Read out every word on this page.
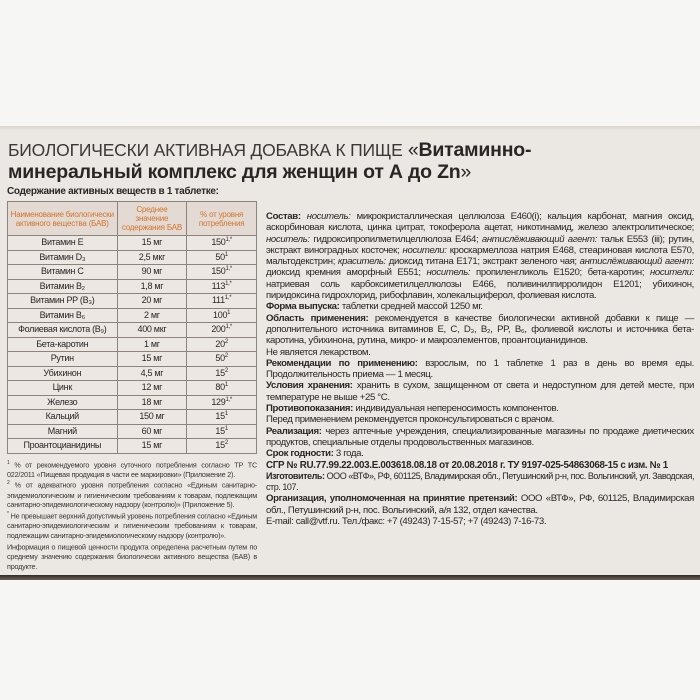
БИОЛОГИЧЕСКИ АКТИВНАЯ ДОБАВКА К ПИЩЕ «Витаминно-
минеральный комплекс для женщин от А до Zn»
Содержание активных веществ в 1 таблетке:
Наименование биологически активного вещества (БАВ)	Среднее значение содержания БАВ	% от уровня потребления
Витамин E	15 мг	$150^{1,*}$
Витамин D₃	2,5 мкг	$50^1$
Витамин C	90 мг	$150^{1,*}$
Витамин B₂	1,8 мг	$113^{1,*}$
Витамин PP (B₃)	20 мг	$111^{1,*}$
Витамин B₆	2 мг	$100^1$
Фолиевая кислота (B₉)	400 мкг	$200^{1,*}$
Бета-каротин	1 мг	$20^2$
Рутин	15 мг	$50^2$
Убихинон	4,5 мг	$15^2$
Цинк	12 мг	$80^1$
Железо	18 мг	$129^{1,*}$
Кальций	150 мг	$15^1$
Магний	60 мг	$15^1$
Проантоцианидины	15 мг	$15^2$

$^1$ % от рекомендуемого уровня суточного потребления согласно ТР ТС 022/2011 «Пищевая продукция в части ее маркировки» (Приложение 2).

$^2$ % от адекватного уровня потребления согласно «Единым санитарно-эпидемиологическим и гигиеническим требованиям к товарам, подлежащим санитарно-эпидемиологическому надзору (контролю)» (Приложение 5).

* Не превышает верхний допустимый уровень потребления согласно «Единым санитарно-эпидемиологическим и гигиеническим требованиям к товарам, подлежащим санитарно-эпидемиологическому надзору (контролю)».

Информация о пищевой ценности продукта определена расчетным путем по среднему значению содержания биологически активного вещества (БАВ) в продукте.

Состав: носитель: микрокристаллическая целлюлоза Е460(i); кальция карбонат, магния оксид, аскорбиновая кислота, цинка цитрат, токоферола ацетат, никотинамид, железо электролитическое; носитель: гидроксипропилметилцеллюлоза Е464; антислёживающий агент: тальк Е553 (iii); рутин, экстракт виноградных косточек; носители: кроскармеллоза натрия Е468, стеариновая кислота Е570, мальтодекстрин; краситель: диоксид титана Е171; экстракт зеленого чая; антислёживающий агент: диоксид кремния аморфный Е551; носитель: пропиленгликоль Е1520; бета-каротин; носители: натриевая соль карбоксиметилцеллюлозы Е466, поливинилпирролидон Е1201; убихинон, пиридоксина гидрохлорид, рибофлавин, холекальциферол, фолиевая кислота.

Форма выпуска: таблетки средней массой 1250 мг.

Область применения: рекомендуется в качестве биологически активной добавки к пище — дополнительного источника витаминов Е, С, D₃, B₂, PP, B₆, фолиевой кислоты и источника бета-каротина, убихинона, рутина, микро- и макроэлементов, проантоцианидинов.

Не является лекарством.

Рекомендации по применению: взрослым, по 1 таблетке 1 раз в день во время еды. Продолжительность приема — 1 месяц.

Условия хранения: хранить в сухом, защищенном от света и недоступном для детей месте, при температуре не выше +25 °С.

Противопоказания: индивидуальная непереносимость компонентов.

Перед применением рекомендуется проконсультироваться с врачом.

Реализация: через аптечные учреждения, специализированные магазины по продаже диетических продуктов, специальные отделы продовольственных магазинов.

Срок годности: 3 года.

СГР № RU.77.99.22.003.Е.003618.08.18 от 20.08.2018 г. ТУ 9197-025-54863068-15 с изм. № 1

Изготовитель: ООО «ВТФ», РФ, 601125, Владимирская обл., Петушинский р-н, пос. Вольгинский, ул. Заводская, стр. 107.

Организация, уполномоченная на принятие претензий: ООО «ВТФ», РФ, 601125, Владимирская обл., Петушинский р-н, пос. Вольгинский, а/я 132, отдел качества.

E-mail: call@vtf.ru. Тел./факс: +7 (49243) 7-15-57; +7 (49243) 7-16-73.
